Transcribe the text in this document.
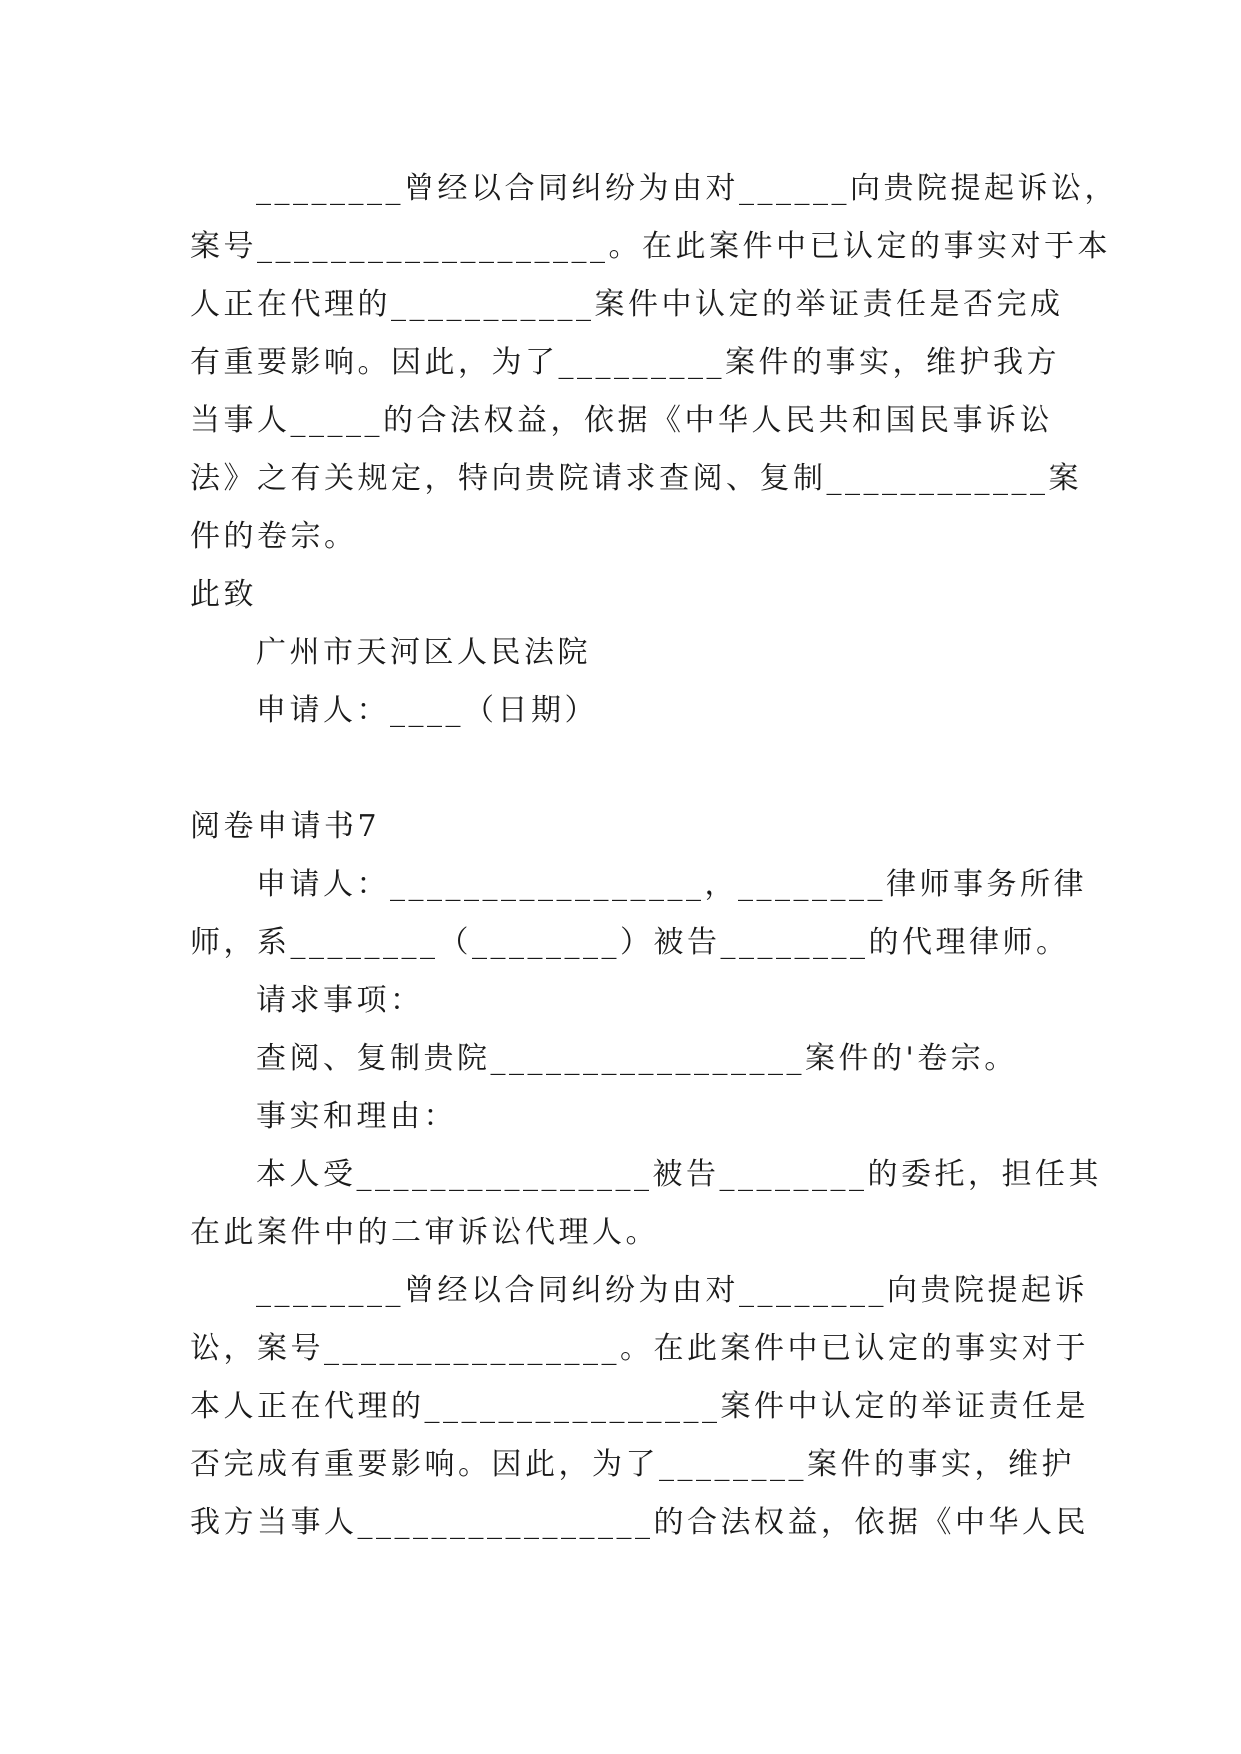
________曾经以合同纠纷为由对______向贵院提起诉讼，
案号___________________。在此案件中已认定的事实对于本
人正在代理的___________案件中认定的举证责任是否完成
有重要影响。因此，为了_________案件的事实，维护我方
当事人_____的合法权益，依据《中华人民共和国民事诉讼
法》之有关规定，特向贵院请求查阅、复制____________案
件的卷宗。
此致
广州市天河区人民法院
申请人：____（日期）
阅卷申请书7
申请人：_________________，________律师事务所律
师，系________（________）被告________的代理律师。
请求事项：
查阅、复制贵院_________________案件的'卷宗。
事实和理由：
本人受________________被告________的委托，担任其
在此案件中的二审诉讼代理人。
________曾经以合同纠纷为由对________向贵院提起诉
讼，案号________________。在此案件中已认定的事实对于
本人正在代理的________________案件中认定的举证责任是
否完成有重要影响。因此，为了________案件的事实，维护
我方当事人________________的合法权益，依据《中华人民
